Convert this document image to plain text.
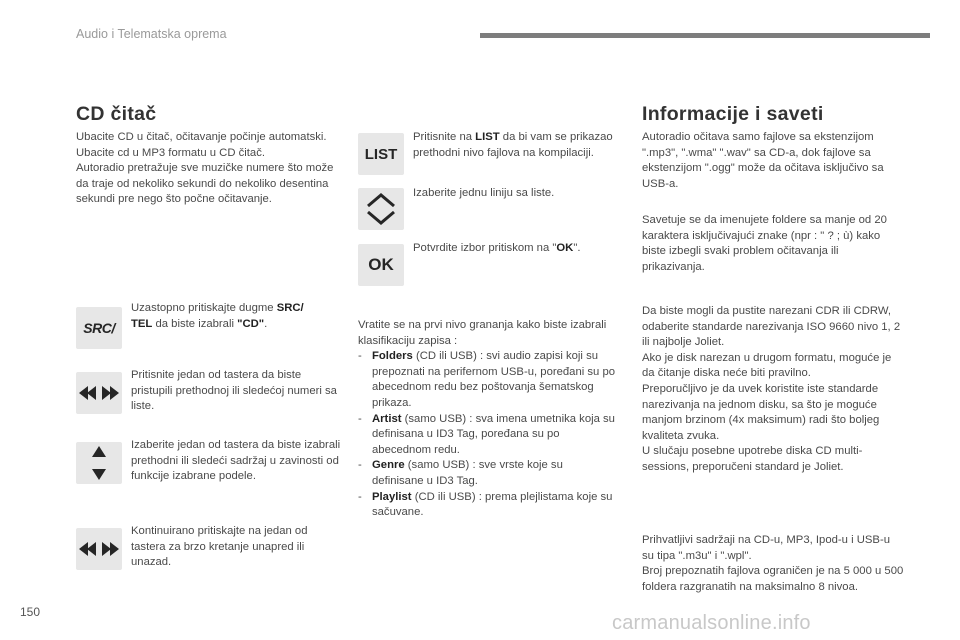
Audio i Telematska oprema
CD čitač

Ubacite CD u čitač, očitavanje počinje automatski.

Ubacite cd u MP3 formatu u CD čitač.

Autoradio pretražuje sve muzičke numere što može da traje od nekoliko sekundi do nekoliko desentina sekundi pre nego što počne očitavanje.

SRC/
Uzastopno pritiskajte dugme SRC/
TEL da biste izabrali "CD".
Pritisnite jedan od tastera da biste pristupili prethodnoj ili sledećoj numeri sa liste.
Izaberite jedan od tastera da biste izabrali prethodni ili sledeći sadržaj u zavinosti od funkcije izabrane podele.
Kontinuirano pritiskajte na jedan od tastera za brzo kretanje unapred ili unazad.
LIST
Pritisnite na LIST da bi vam se prikazao prethodni nivo fajlova na kompilaciji.
Izaberite jednu liniju sa liste.
OK
Potvrdite izbor pritiskom na "OK".

Vratite se na prvi nivo grananja kako biste izabrali klasifikaciju zapisa :

- Folders (CD ili USB) : svi audio zapisi koji su prepoznati na perifernom USB-u, poređani su po abecednom redu bez poštovanja šematskog prikaza.
- Artist (samo USB) : sva imena umetnika koja su definisana u ID3 Tag, poređana su po abecednom redu.
- Genre (samo USB) : sve vrste koje su definisane u ID3 Tag.
- Playlist (CD ili USB) : prema plejlistama koje su sačuvane.
Informacije i saveti
Autoradio očitava samo fajlove sa ekstenzijom ".mp3", ".wma" ".wav" sa CD-a, dok fajlove sa ekstenzijom ".ogg" može da očitava isključivo sa USB-a.
Savetuje se da imenujete foldere sa manje od 20 karaktera isključivajući znake (npr : " ? ; ù) kako biste izbegli svaki problem očitavanja ili prikazivanja.

Da biste mogli da pustite narezani CDR ili CDRW, odaberite standarde narezivanja ISO 9660 nivo 1, 2 ili najbolje Joliet.

Ako je disk narezan u drugom formatu, moguće je da čitanje diska neće biti pravilno.

Preporučljivo je da uvek koristite iste standarde narezivanja na jednom disku, sa što je moguće manjom brzinom (4x maksimum) radi što boljeg kvaliteta zvuka.

U slučaju posebne upotrebe diska CD multi-sessions, preporučeni standard je Joliet.

Prihvatljivi sadržaji na CD-u, MP3, Ipod-u i USB-u su tipa ".m3u" i ".wpl".

Broj prepoznatih fajlova ograničen je na 5 000 u 500 foldera razgranatih na maksimalno 8 nivoa.

150	carmanualsonline.info
